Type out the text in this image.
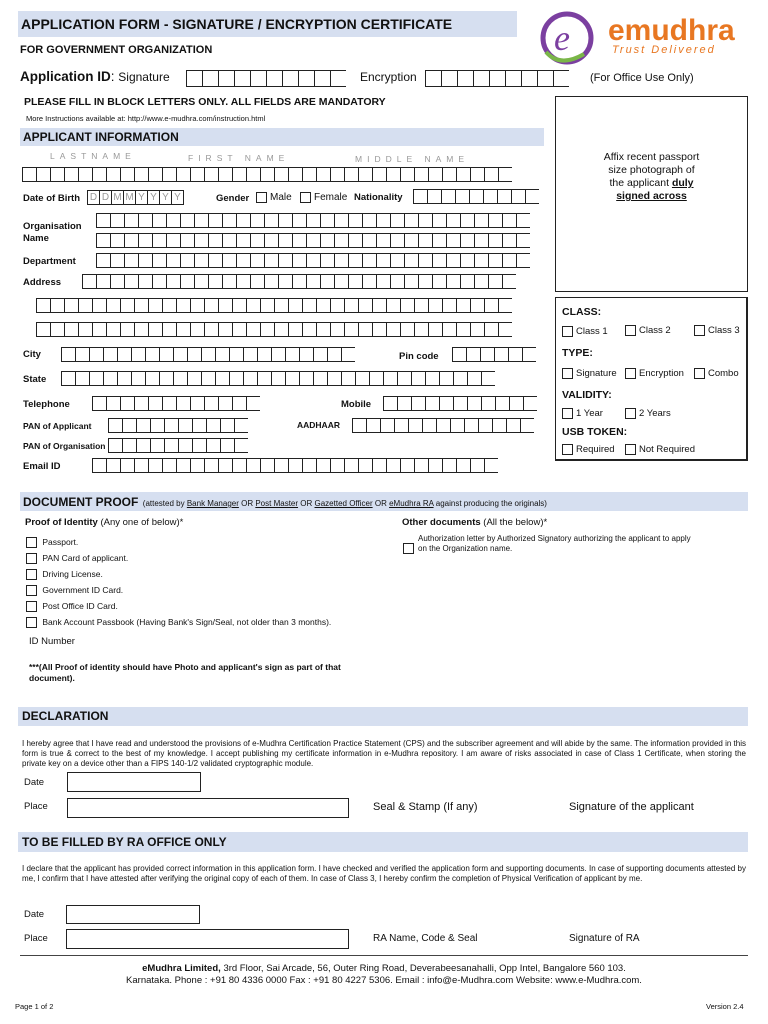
APPLICATION FORM - SIGNATURE / ENCRYPTION CERTIFICATE
FOR GOVERNMENT ORGANIZATION	e emudhra
Trust Delivered
Application ID: Signature	Encryption	(For Office Use Only)
PLEASE FILL IN BLOCK LETTERS ONLY. ALL FIELDS ARE MANDATORY
More Instructions available at: http://www.e-mudhra.com/instruction.html
APPLICANT INFORMATION
LASTNAME	FIRST NAME	MIDDLE NAME	Affix recent passport
size photograph of
the applicant duly
signed across
Date of Birth D D M M Y Y Y Y	Gender	Male	Female Nationality
Organisation
Name
Department
Address
City	Pin code
State
Telephone	Mobile
PAN of Applicant	AADHAAR
PAN of Organisation
Email ID
CLASS:
Class 1	Class 2	Class 3
TYPE:
Signature	Encryption	Combo
VALIDITY:
1 Year	2 Years
USB TOKEN:
Required	Not Required
DOCUMENT PROOF (attested by Bank Manager OR Post Master OR Gazetted Officer OR eMudhra RA against producing the originals)
Proof of Identity (Any one of below)*
Passport.
PAN Card of applicant.
Driving License.
Government ID Card.
Post Office ID Card.
Bank Account Passbook (Having Bank's Sign/Seal, not older than 3 months).
Other documents (All the below)*
Authorization letter by Authorized Signatory authorizing the applicant to apply
on the Organization name.
ID Number
***(All Proof of identity should have Photo and applicant's sign as part of that
document).
DECLARATION
I hereby agree that I have read and understood the provisions of e-Mudhra Certification Practice Statement (CPS) and the subscriber agreement and will abide by the same. The information provided in this form is true & correct to the best of my knowledge. I accept publishing my certificate information in e-Mudhra repository. I am aware of risks associated in case of Class 1 Certificate, when storing the private key on a device other than a FIPS 140-1/2 validated cryptographic module.
Date
Place	Seal & Stamp (If any)	Signature of the applicant
TO BE FILLED BY RA OFFICE ONLY
I declare that the applicant has provided correct information in this application form. I have checked and verified the application form and supporting documents. In case of supporting documents attested by me, I confirm that I have attested after verifying the original copy of each of them. In case of Class 3, I hereby confirm the completion of Physical Verification of applicant by me.
Date
Place	RA Name, Code & Seal	Signature of RA
eMudhra Limited, 3rd Floor, Sai Arcade, 56, Outer Ring Road, Deverabeesanahalli, Opp Intel, Bangalore 560 103.
Karnataka. Phone : +91 80 4336 0000 Fax : +91 80 4227 5306. Email : info@e-Mudhra.com Website: www.e-Mudhra.com.
Page 1 of 2	Version 2.4
